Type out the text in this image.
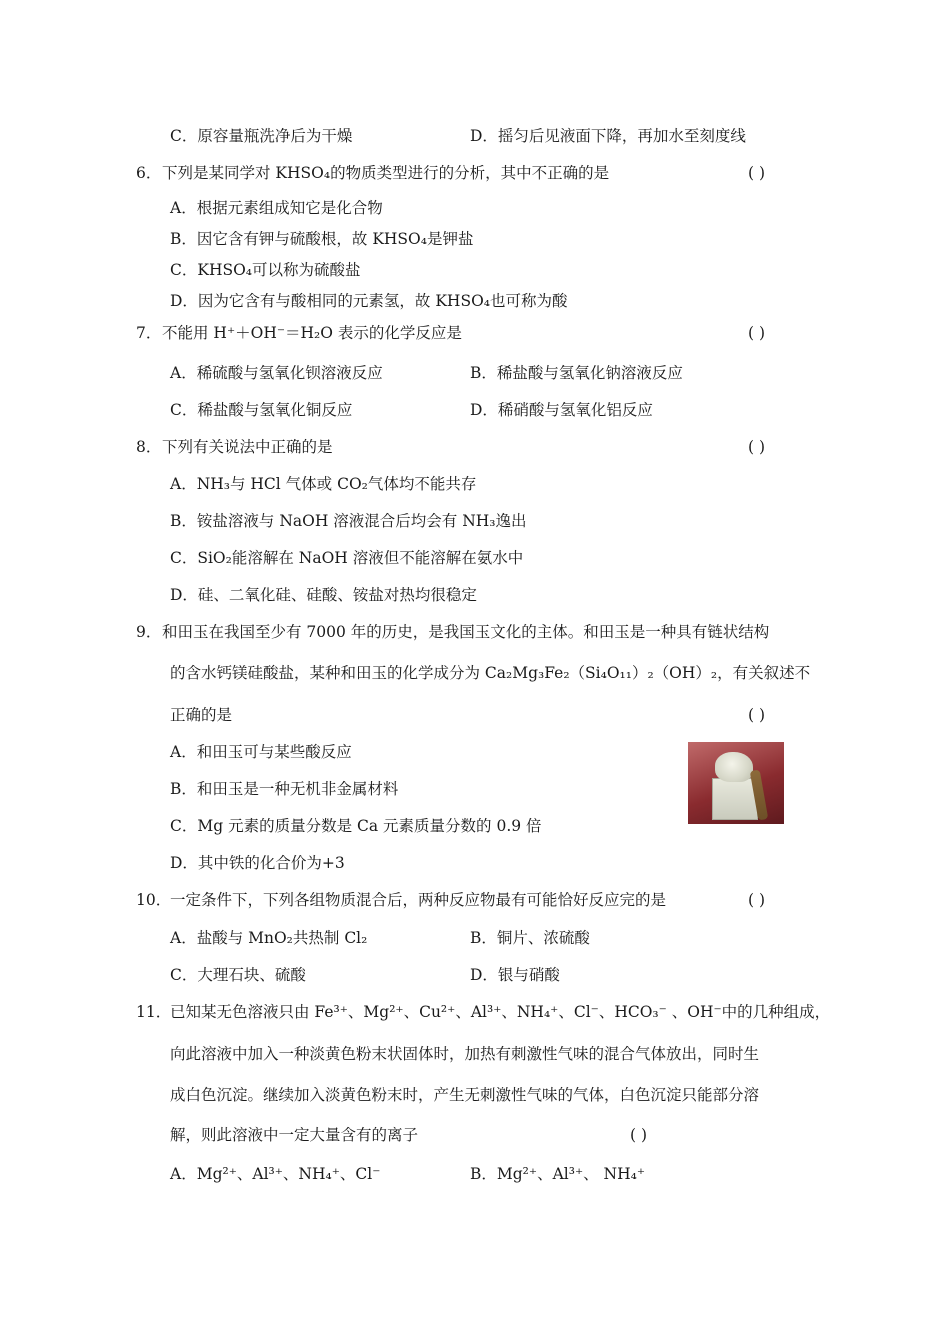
C．原容量瓶洗净后为干燥	D．摇匀后见液面下降，再加水至刻度线
6． 下列是某同学对 KHSO₄的物质类型进行的分析，其中不正确的是	( )
A．根据元素组成知它是化合物
B．因它含有钾与硫酸根，故 KHSO₄是钾盐
C．KHSO₄可以称为硫酸盐
D．因为它含有与酸相同的元素氢，故 KHSO₄也可称为酸
7． 不能用 H⁺＋OH⁻＝H₂O 表示的化学反应是	( )
A．稀硫酸与氢氧化钡溶液反应	B．稀盐酸与氢氧化钠溶液反应
C．稀盐酸与氢氧化铜反应	D．稀硝酸与氢氧化铝反应
8． 下列有关说法中正确的是	( )
A．NH₃与 HCl 气体或 CO₂气体均不能共存
B．铵盐溶液与 NaOH 溶液混合后均会有 NH₃逸出
C．SiO₂能溶解在 NaOH 溶液但不能溶解在氨水中
D．硅、二氧化硅、硅酸、铵盐对热均很稳定
9． 和田玉在我国至少有 7000 年的历史，是我国玉文化的主体。和田玉是一种具有链状结构
的含水钙镁硅酸盐，某种和田玉的化学成分为 Ca₂Mg₃Fe₂（Si₄O₁₁）₂（OH）₂，有关叙述不
正确的是	( )
A．和田玉可与某些酸反应
B．和田玉是一种无机非金属材料
C．Mg 元素的质量分数是 Ca 元素质量分数的 0.9 倍
D．其中铁的化合价为+3
10．
一定条件下，下列各组物质混合后，两种反应物最有可能恰好反应完的是	( )
A．盐酸与 MnO₂共热制 Cl₂	B．铜片、浓硫酸
C．大理石块、硫酸	D．银与硝酸
11．
已知某无色溶液只由 Fe³⁺、Mg²⁺、Cu²⁺、Al³⁺、NH₄⁺、Cl⁻、HCO₃⁻ 、OH⁻中的几种组成，
向此溶液中加入一种淡黄色粉末状固体时，加热有刺激性气味的混合气体放出，同时生
成白色沉淀。继续加入淡黄色粉末时，产生无刺激性气味的气体，白色沉淀只能部分溶
解，则此溶液中一定大量含有的离子	( )
A．Mg²⁺、Al³⁺、NH₄⁺、Cl⁻	B．Mg²⁺、Al³⁺、 NH₄⁺
